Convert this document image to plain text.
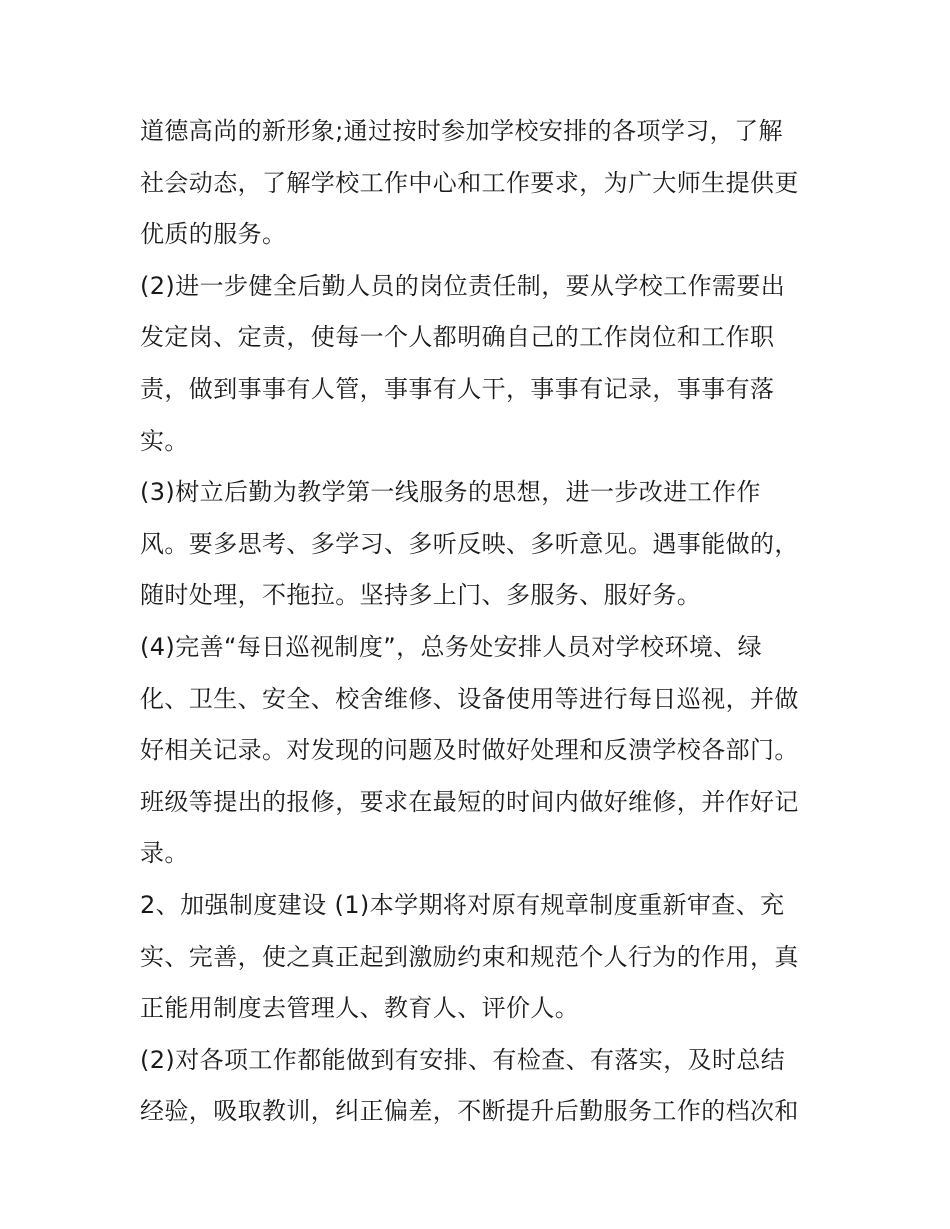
道德高尚的新形象;通过按时参加学校安排的各项学习，了解
社会动态，了解学校工作中心和工作要求，为广大师生提供更
优质的服务。
(2)进一步健全后勤人员的岗位责任制，要从学校工作需要出
发定岗、定责，使每一个人都明确自己的工作岗位和工作职
责，做到事事有人管，事事有人干，事事有记录，事事有落
实。
(3)树立后勤为教学第一线服务的思想，进一步改进工作作
风。要多思考、多学习、多听反映、多听意见。遇事能做的，
随时处理，不拖拉。坚持多上门、多服务、服好务。
(4)完善“每日巡视制度”，总务处安排人员对学校环境、绿
化、卫生、安全、校舍维修、设备使用等进行每日巡视，并做
好相关记录。对发现的问题及时做好处理和反溃学校各部门。
班级等提出的报修，要求在最短的时间内做好维修，并作好记
录。
2、加强制度建设 (1)本学期将对原有规章制度重新审查、充
实、完善，使之真正起到激励约束和规范个人行为的作用，真
正能用制度去管理人、教育人、评价人。
(2)对各项工作都能做到有安排、有检查、有落实，及时总结
经验，吸取教训，纠正偏差，不断提升后勤服务工作的档次和
